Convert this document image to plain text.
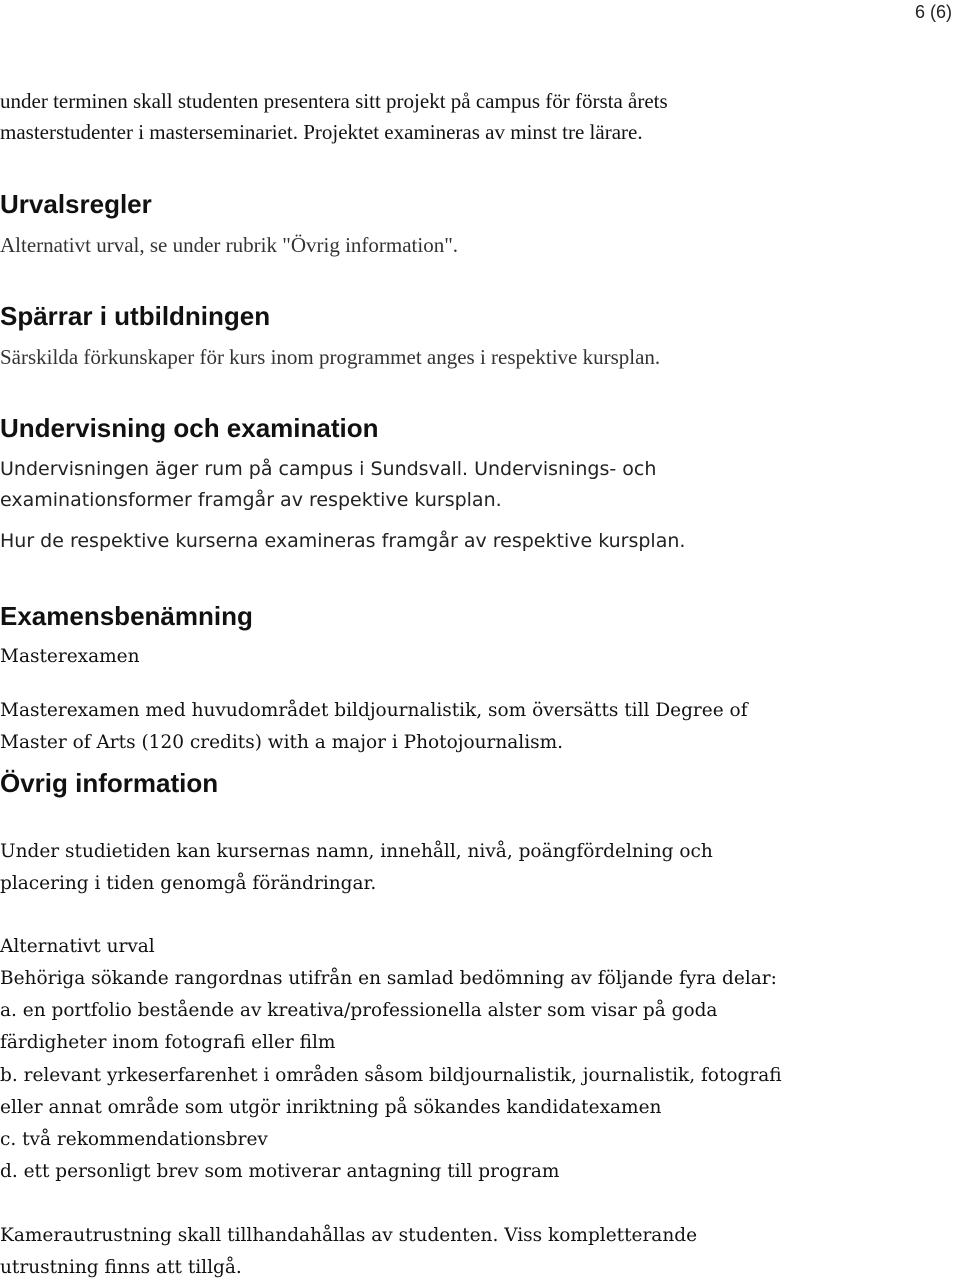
6 (6)

under terminen skall studenten presentera sitt projekt på campus för första årets

masterstudenter i masterseminariet. Projektet examineras av minst tre lärare.

Urvalsregler

Alternativt urval, se under rubrik "Övrig information".

Spärrar i utbildningen

Särskilda förkunskaper för kurs inom programmet anges i respektive kursplan.

Undervisning och examination

Undervisningen äger rum på campus i Sundsvall. Undervisnings- och

examinationsformer framgår av respektive kursplan.

Hur de respektive kurserna examineras framgår av respektive kursplan.

Examensbenämning

Masterexamen

Masterexamen med huvudområdet bildjournalistik, som översätts till Degree of

Master of Arts (120 credits) with a major i Photojournalism.

Övrig information

Under studietiden kan kursernas namn, innehåll, nivå, poängfördelning och

placering i tiden genomgå förändringar.

Alternativt urval

Behöriga sökande rangordnas utifrån en samlad bedömning av följande fyra delar:

a. en portfolio bestående av kreativa/professionella alster som visar på goda

färdigheter inom fotografi eller film

b. relevant yrkeserfarenhet i områden såsom bildjournalistik, journalistik, fotografi

eller annat område som utgör inriktning på sökandes kandidatexamen

c. två rekommendationsbrev

d. ett personligt brev som motiverar antagning till program

Kamerautrustning skall tillhandahållas av studenten. Viss kompletterande

utrustning finns att tillgå.
